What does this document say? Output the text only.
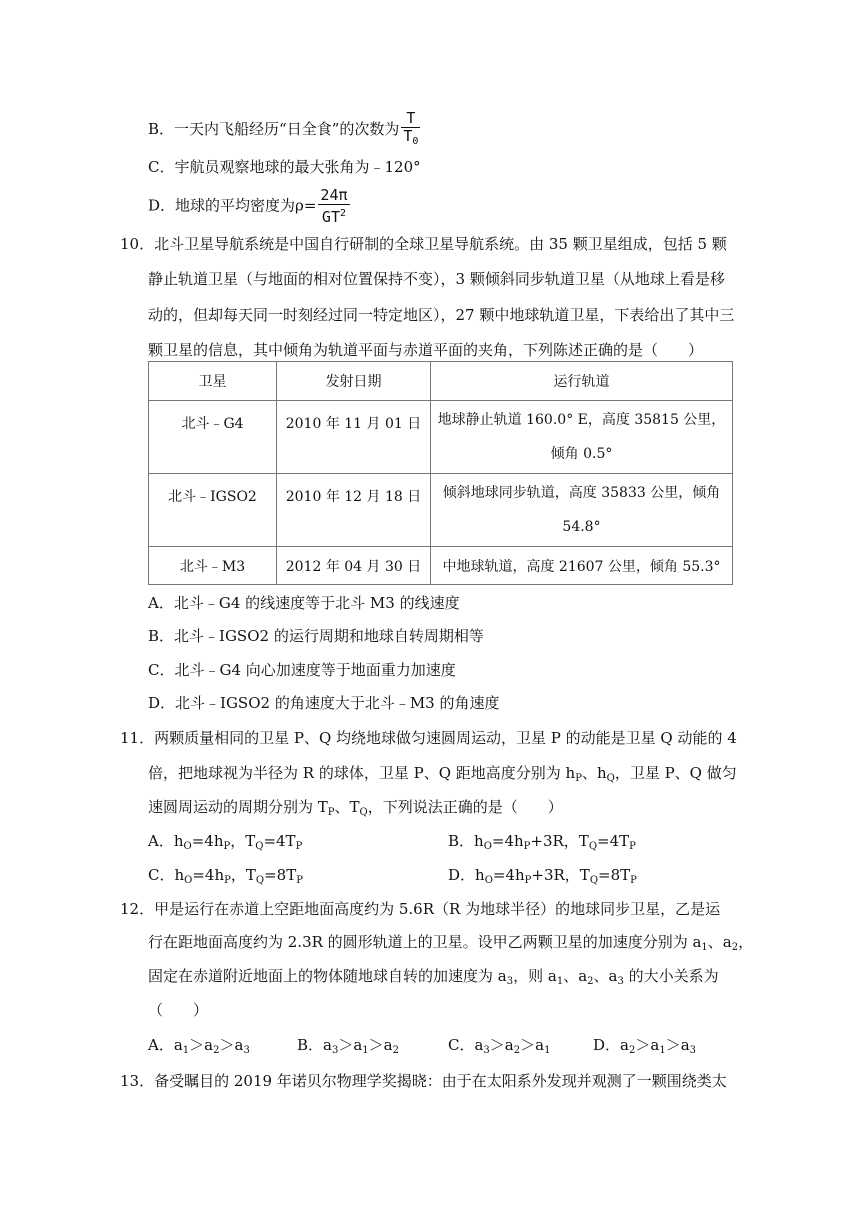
B．一天内飞船经历“日全食”的次数为 $\frac{T}{T_0}$
C．宇航员观察地球的最大张角为﹣120°
D．地球的平均密度为$\rho= \frac{24\pi}{GT^2}$
10．北斗卫星导航系统是中国自行研制的全球卫星导航系统。由 35 颗卫星组成，包括 5 颗
静止轨道卫星（与地面的相对位置保持不变），3 颗倾斜同步轨道卫星（从地球上看是移
动的，但却每天同一时刻经过同一特定地区），27 颗中地球轨道卫星，下表给出了其中三
颗卫星的信息，其中倾角为轨道平面与赤道平面的夹角，下列陈述正确的是（　　）
卫星	发射日期	运行轨道
北斗﹣G4	2010 年 11 月 01 日	地球静止轨道 160.0° E，高度 35815 公里，
倾角 0.5°

北斗﹣IGSO2	2010 年 12 月 18 日	倾斜地球同步轨道，高度 35833 公里，倾角
54.8°

北斗﹣M3	2012 年 04 月 30 日	中地球轨道，高度 21607 公里，倾角 55.3°
A．北斗﹣G4 的线速度等于北斗 M3 的线速度
B．北斗﹣IGSO2 的运行周期和地球自转周期相等
C．北斗﹣G4 向心加速度等于地面重力加速度
D．北斗﹣IGSO2 的角速度大于北斗﹣M3 的角速度
11．两颗质量相同的卫星 P、Q 均绕地球做匀速圆周运动，卫星 P 的动能是卫星 Q 动能的 4
倍，把地球视为半径为 R 的球体，卫星 P、Q 距地高度分别为 $h_P$、$h_Q$，卫星 P、Q 做匀
速圆周运动的周期分别为 $T_P$、$T_Q$，下列说法正确的是（　　）
A．$h_O=4h_P$，$T_Q=4T_P$	B．$h_O=4h_P+3R$，$T_Q=4T_P$
C．$h_O=4h_P$，$T_Q=8T_P$	D．$h_O=4h_P+3R$，$T_Q=8T_P$
12．甲是运行在赤道上空距地面高度约为 5.6R（R 为地球半径）的地球同步卫星，乙是运
行在距地面高度约为 2.3R 的圆形轨道上的卫星。设甲乙两颗卫星的加速度分别为 $a_1$、$a_2$，
固定在赤道附近地面上的物体随地球自转的加速度为 $a_3$，则 $a_1$、$a_2$、$a_3$ 的大小关系为
（　　）
A．$a_1>a_2>a_3$	B．$a_3>a_1>a_2$	C．$a_3>a_2>a_1$	D．$a_2>a_1>a_3$
13．备受瞩目的 2019 年诺贝尔物理学奖揭晓：由于在太阳系外发现并观测了一颗围绕类太
